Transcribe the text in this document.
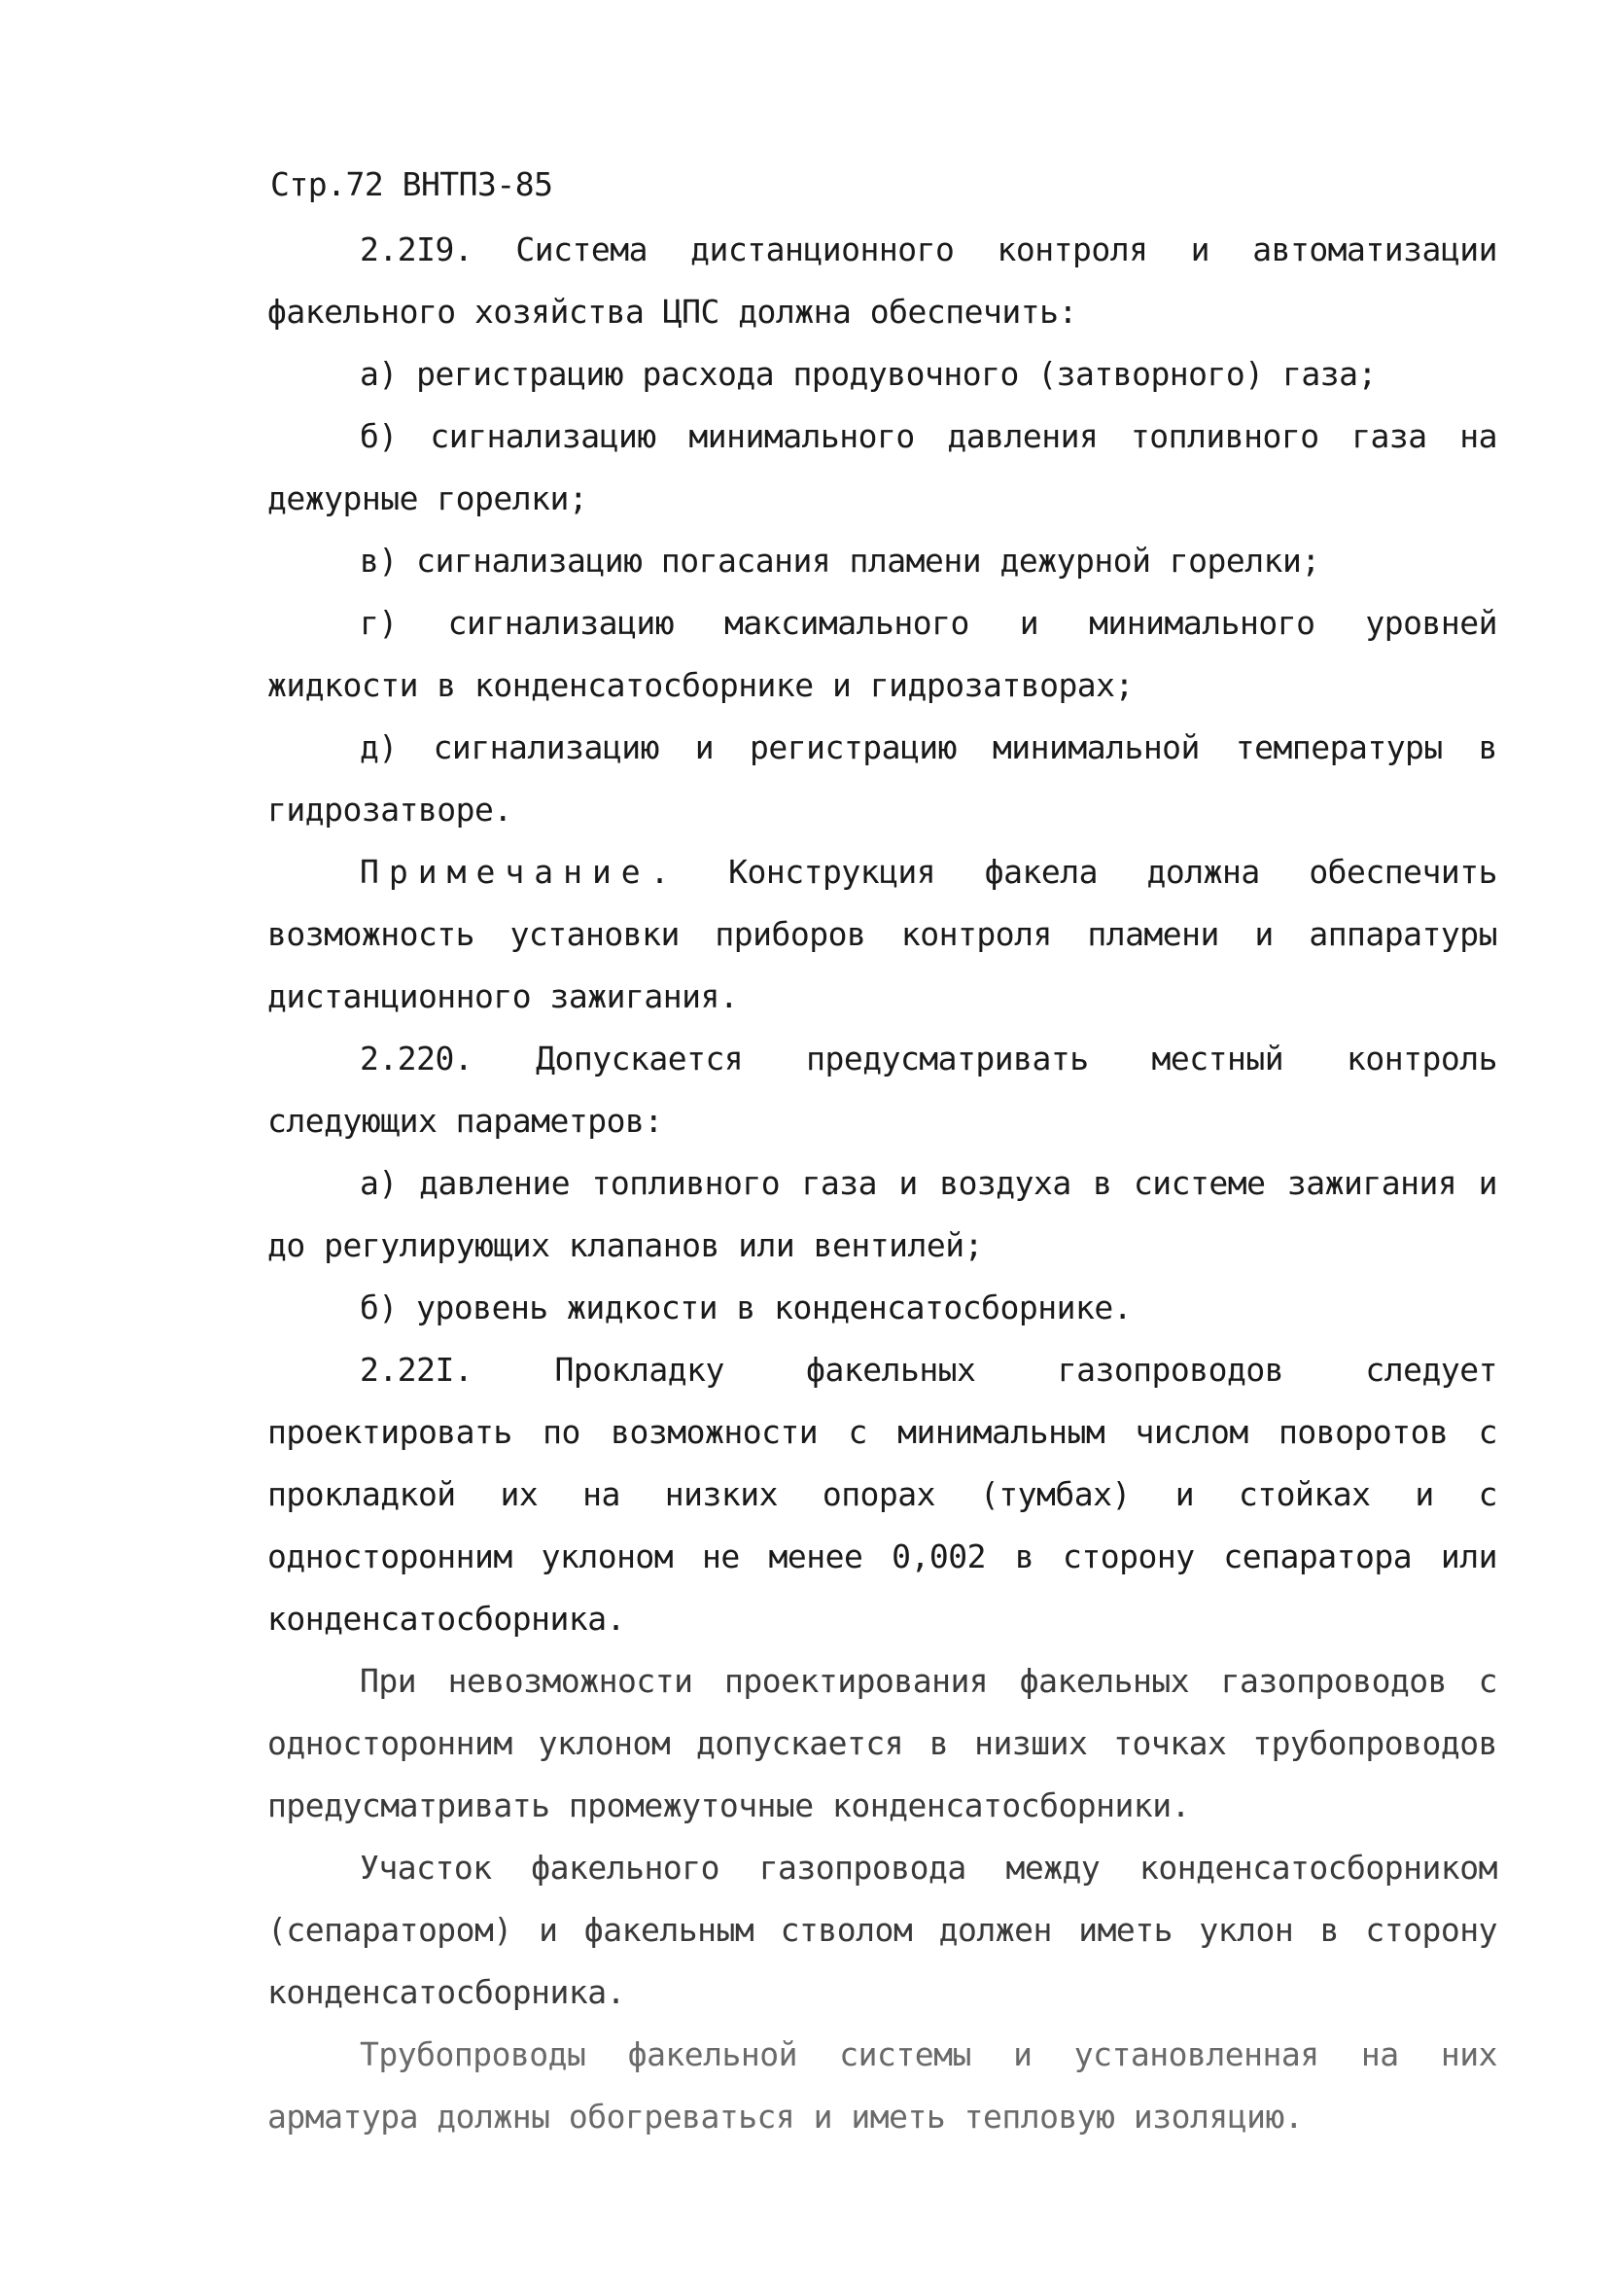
Стр.72 ВНТПЗ-85

2.2I9. Система дистанционного контроля и автоматизации факельного хозяйства ЦПС должна обеспечить:

а) регистрацию расхода продувочного (затворного) газа;

б) сигнализацию минимального давления топливного газа на дежурные горелки;

в) сигнализацию погасания пламени дежурной горелки;

г) сигнализацию максимального и минимального уровней жидкости в конденсатосборнике и гидрозатворах;

д) сигнализацию и регистрацию минимальной температуры в гидрозатворе.

Примечание. Конструкция факела должна обеспечить возможность установки приборов контроля пламени и аппаратуры дистанционного зажигания.

2.220. Допускается предусматривать местный контроль следующих параметров:

а) давление топливного газа и воздуха в системе зажигания и до регулирующих клапанов или вентилей;

б) уровень жидкости в конденсатосборнике.

2.22I. Прокладку факельных газопроводов следует проектировать по возможности с минимальным числом поворотов с прокладкой их на низких опорах (тумбах) и стойках и с односторонним уклоном не менее 0,002 в сторону сепаратора или конденсатосборника.

При невозможности проектирования факельных газопроводов с односторонним уклоном допускается в низших точках трубопроводов предусматривать промежуточные конденсатосборники.

Участок факельного газопровода между конденсатосборником (сепаратором) и факельным стволом должен иметь уклон в сторону конденсатосборника.

Трубопроводы факельной системы и установленная на них арматура должны обогреваться и иметь тепловую изоляцию.
